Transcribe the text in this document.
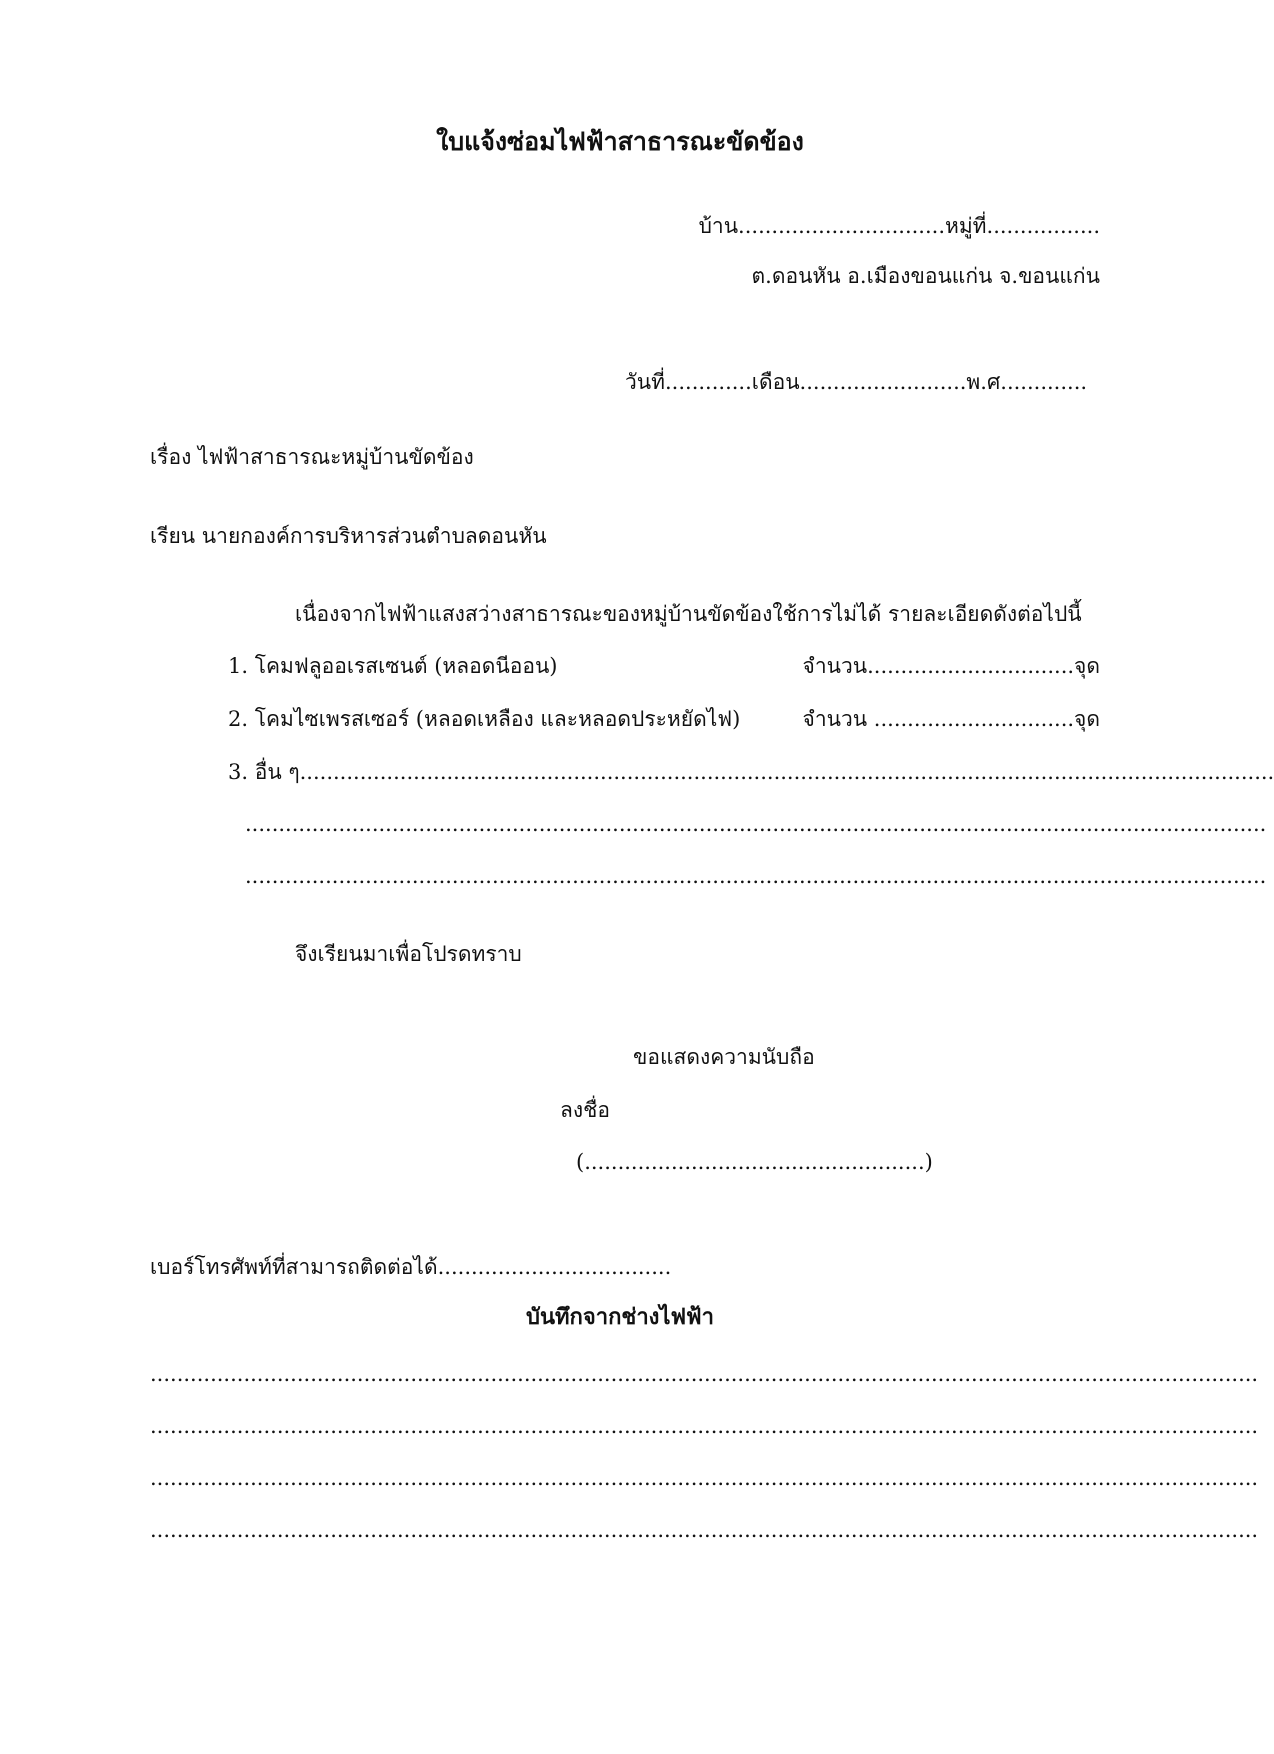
ใบแจ้งซ่อมไฟฟ้าสาธารณะขัดข้อง
บ้าน...............................หมู่ที่.................
ต.ดอนหัน อ.เมืองขอนแก่น จ.ขอนแก่น
วันที่.............เดือน.........................พ.ศ.............
เรื่อง ไฟฟ้าสาธารณะหมู่บ้านขัดข้อง
เรียน นายกองค์การบริหารส่วนตำบลดอนหัน
เนื่องจากไฟฟ้าแสงสว่างสาธารณะของหมู่บ้านขัดข้องใช้การไม่ได้ รายละเอียดดังต่อไปนี้
1. โคมฟลูออเรสเซนต์ (หลอดนีออน)	จำนวน...............................จุด
2. โคมไซเพรสเซอร์ (หลอดเหลือง และหลอดประหยัดไฟ)	จำนวน ..............................จุด
3. อื่น ๆ..................................................................................................................................................
.........................................................................................................................................................
.........................................................................................................................................................
จึงเรียนมาเพื่อโปรดทราบ
ขอแสดงความนับถือ
ลงชื่อ
(...................................................)
เบอร์โทรศัพท์ที่สามารถติดต่อได้...................................
บันทึกจากช่างไฟฟ้า
......................................................................................................................................................................
......................................................................................................................................................................
......................................................................................................................................................................
......................................................................................................................................................................
